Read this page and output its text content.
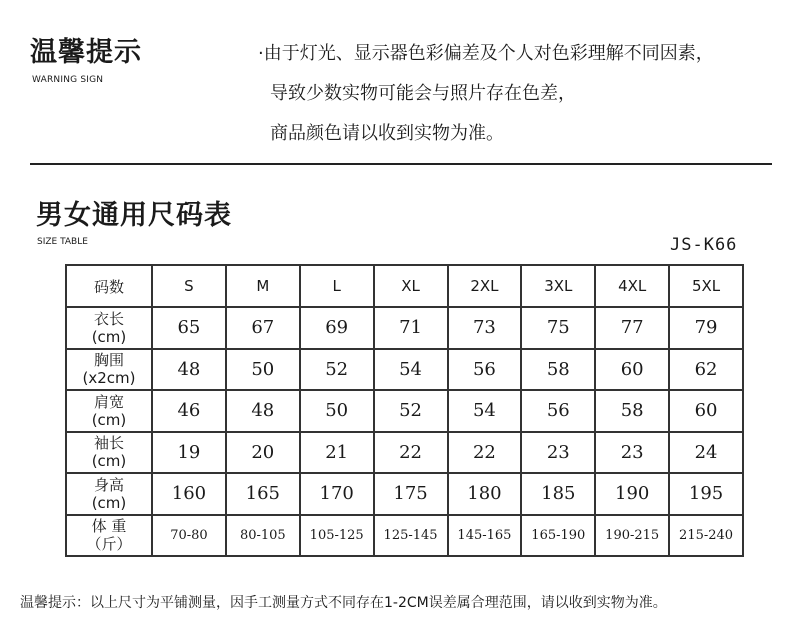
温馨提示
WARNING SIGN
·由于灯光、显示器色彩偏差及个人对色彩理解不同因素，
导致少数实物可能会与照片存在色差，
商品颜色请以收到实物为准。
男女通用尺码表
SIZE TABLE	JS-K66
码数	S	M	L	XL	2XL	3XL	4XL	5XL

衣长
(cm)	65	67	69	71	73	75	77	79

胸围
(x2cm)	48	50	52	54	56	58	60	62

肩宽
(cm)	46	48	50	52	54	56	58	60

袖长
(cm)	19	20	21	22	22	23	23	24

身高
(cm)	160	165	170	175	180	185	190	195

体 重
（斤）	70-80	80-105	105-125	125-145	145-165	165-190	190-215	215-240
温馨提示：以上尺寸为平铺测量，因手工测量方式不同存在1-2CM误差属合理范围，请以收到实物为准。
